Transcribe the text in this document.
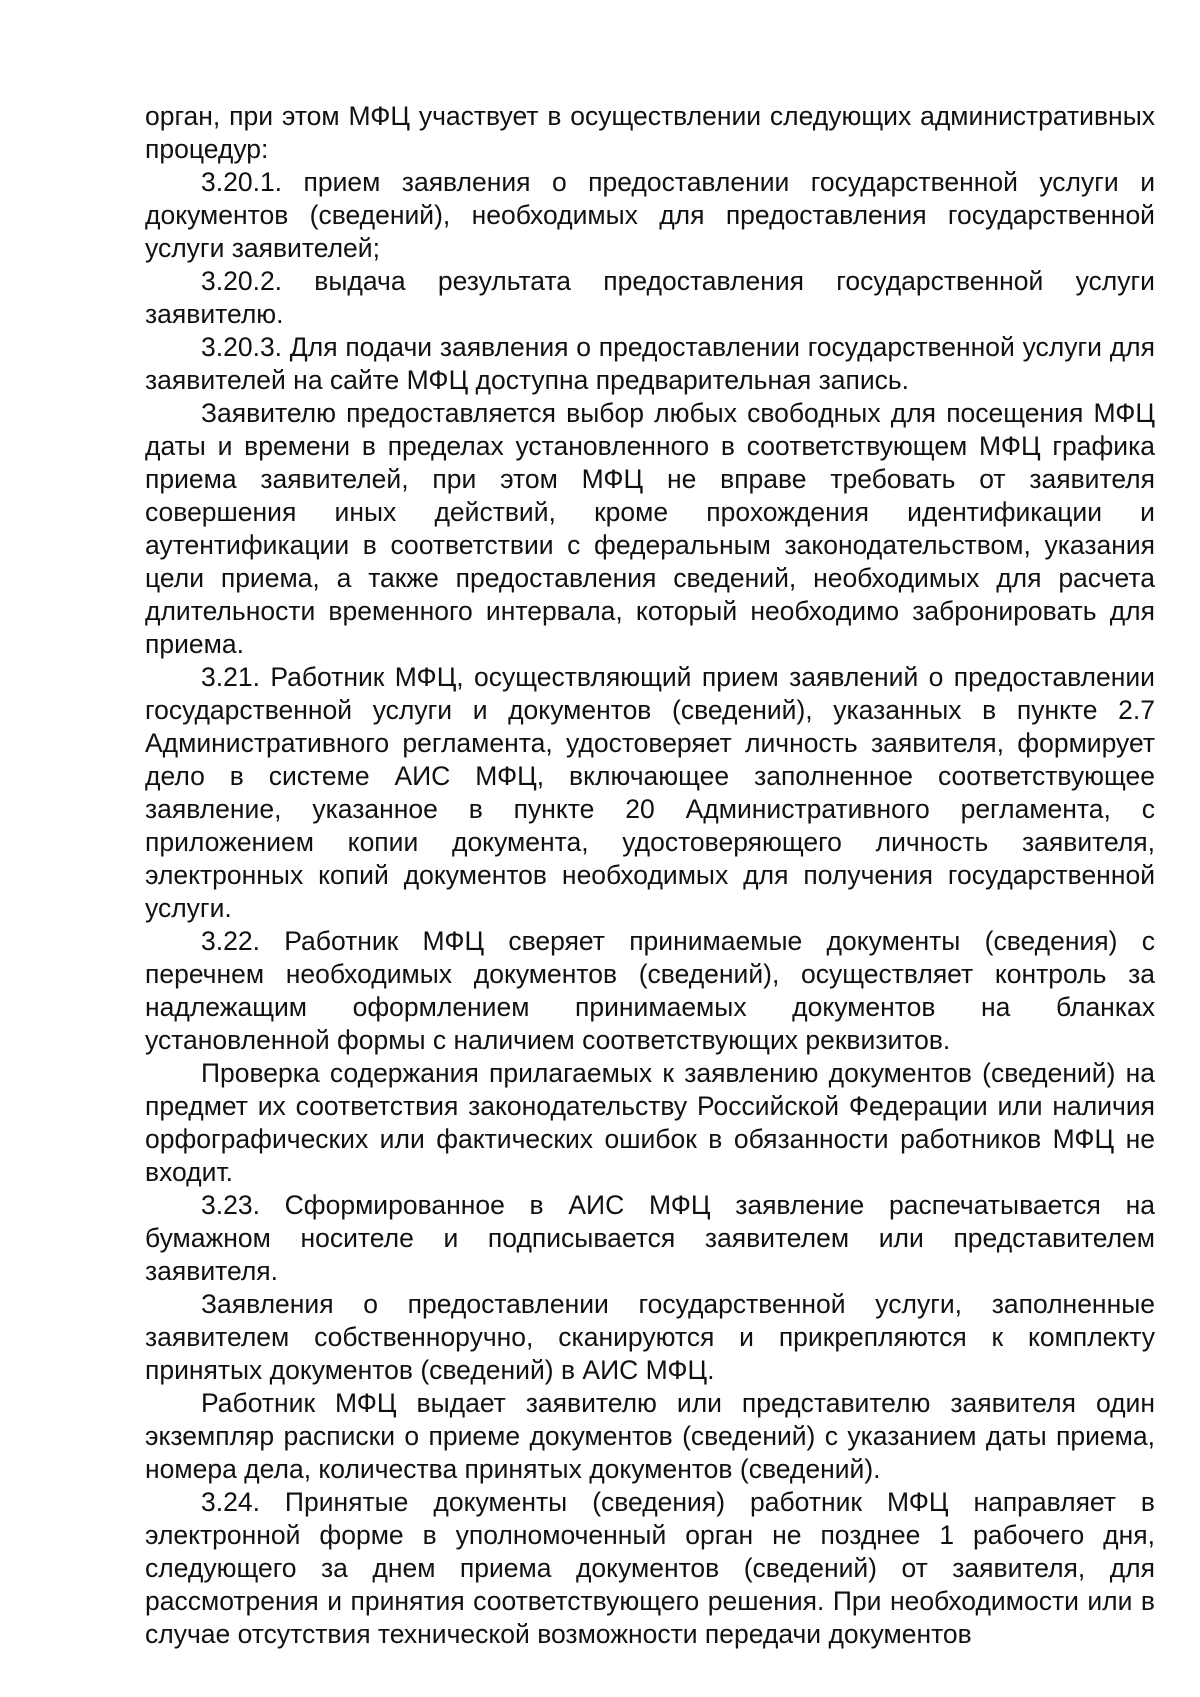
орган, при этом МФЦ участвует в осуществлении следующих административных процедур:

3.20.1. прием заявления о предоставлении государственной услуги и документов (сведений), необходимых для предоставления государственной услуги заявителей;

3.20.2. выдача результата предоставления государственной услуги заявителю.

3.20.3. Для подачи заявления о предоставлении государственной услуги для заявителей на сайте МФЦ доступна предварительная запись.

Заявителю предоставляется выбор любых свободных для посещения МФЦ даты и времени в пределах установленного в соответствующем МФЦ графика приема заявителей, при этом МФЦ не вправе требовать от заявителя совершения иных действий, кроме прохождения идентификации и аутентификации в соответствии с федеральным законодательством, указания цели приема, а также предоставления сведений, необходимых для расчета длительности временного интервала, который необходимо забронировать для приема.

3.21. Работник МФЦ, осуществляющий прием заявлений о предоставлении государственной услуги и документов (сведений), указанных в пункте 2.7 Административного регламента, удостоверяет личность заявителя, формирует дело в системе АИС МФЦ, включающее заполненное соответствующее заявление, указанное в пункте 20 Административного регламента, с приложением копии документа, удостоверяющего личность заявителя, электронных копий документов необходимых для получения государственной услуги.

3.22. Работник МФЦ сверяет принимаемые документы (сведения) с перечнем необходимых документов (сведений), осуществляет контроль за надлежащим оформлением принимаемых документов на бланках установленной формы с наличием соответствующих реквизитов.

Проверка содержания прилагаемых к заявлению документов (сведений) на предмет их соответствия законодательству Российской Федерации или наличия орфографических или фактических ошибок в обязанности работников МФЦ не входит.

3.23. Сформированное в АИС МФЦ заявление распечатывается на бумажном носителе и подписывается заявителем или представителем заявителя.

Заявления о предоставлении государственной услуги, заполненные заявителем собственноручно, сканируются и прикрепляются к комплекту принятых документов (сведений) в АИС МФЦ.

Работник МФЦ выдает заявителю или представителю заявителя один экземпляр расписки о приеме документов (сведений) с указанием даты приема, номера дела, количества принятых документов (сведений).

3.24. Принятые документы (сведения) работник МФЦ направляет в электронной форме в уполномоченный орган не позднее 1 рабочего дня, следующего за днем приема документов (сведений) от заявителя, для рассмотрения и принятия соответствующего решения. При необходимости или в случае отсутствия технической возможности передачи документов
